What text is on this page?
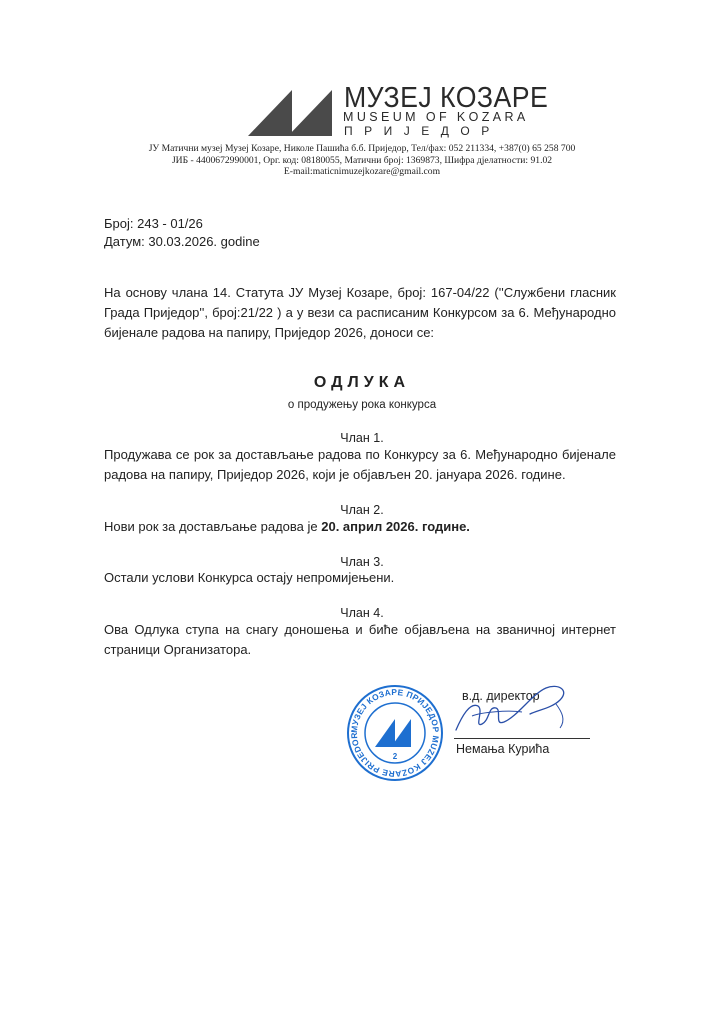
МУЗЕЈ КОЗАРЕ
MUSEUM OF KOZARA
ПРИЈЕДОР
ЈУ Матични музеј Музеј Козаре, Николе Пашића б.б. Приједор, Тел/фах: 052 211334, +387(0) 65 258 700
ЈИБ - 4400672990001, Орг. код: 08180055, Матични број: 1369873, Шифра дјелатности: 91.02
E-mail:maticnimuzejkozare@gmail.com
Број: 243 - 01/26
Датум: 30.03.2026. godine

На основу члана 14. Статута ЈУ Музеј Козаре, број: 167-04/22 (''Службени гласник Града Приједор'', број:21/22 ) а у вези са расписаним Конкурсом за 6. Међународно бијенале радова на папиру, Приједор 2026, доноси се:

ОДЛУКА
о продужењу рока конкурса
Члан 1.

Продужава се рок за достављање радова по Конкурсу за 6. Међународно бијенале радова на папиру, Приједор 2026, који је објављен 20. јануара 2026. године.

Члан 2.

Нови рок за достављање радова је 20. април 2026. године.

Члан 3.

Остали услови Конкурса остају непромијењени.

Члан 4.

Ова Одлука ступа на снагу доношења и биће објављена на званичној интернет страници Организатора.

МУЗЕЈ КОЗАРЕ ПРИЈЕДОР MUZEJ KOZARE PRIJEDOR
2
в.д. директор
Немања Курића
